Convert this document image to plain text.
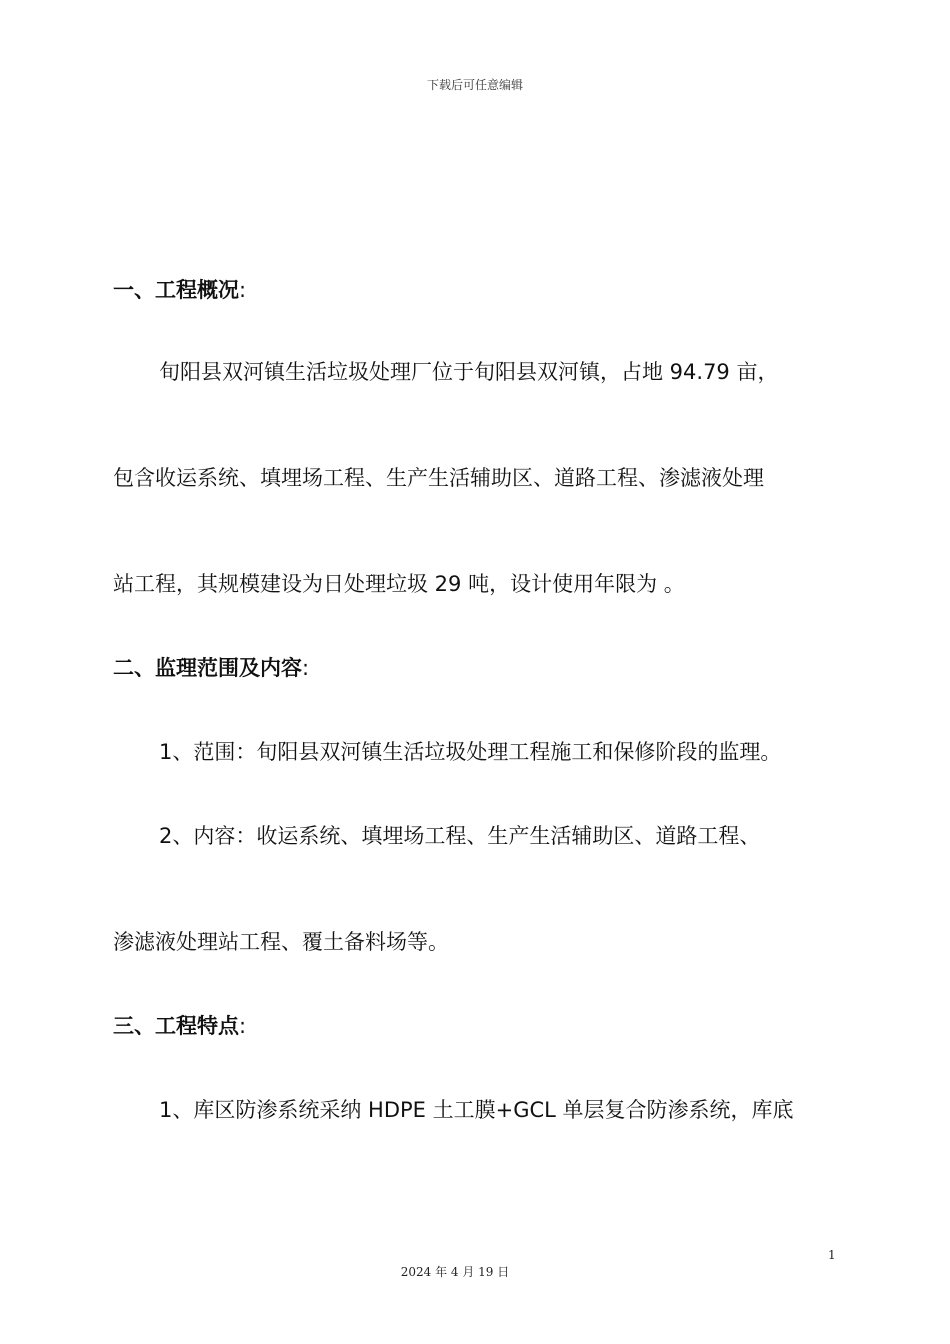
下载后可任意编辑
一、工程概况:
旬阳县双河镇生活垃圾处理厂位于旬阳县双河镇，占地 94.79 亩，
包含收运系统、填埋场工程、生产生活辅助区、道路工程、渗滤液处理
站工程，其规模建设为日处理垃圾 29 吨，设计使用年限为 。
二、监理范围及内容:
1、范围：旬阳县双河镇生活垃圾处理工程施工和保修阶段的监理。
2、内容：收运系统、填埋场工程、生产生活辅助区、道路工程、
渗滤液处理站工程、覆土备料场等。
三、工程特点:
1、库区防渗系统采纳 HDPE 土工膜+GCL 单层复合防渗系统，库底
1
2024 年 4 月 19 日
